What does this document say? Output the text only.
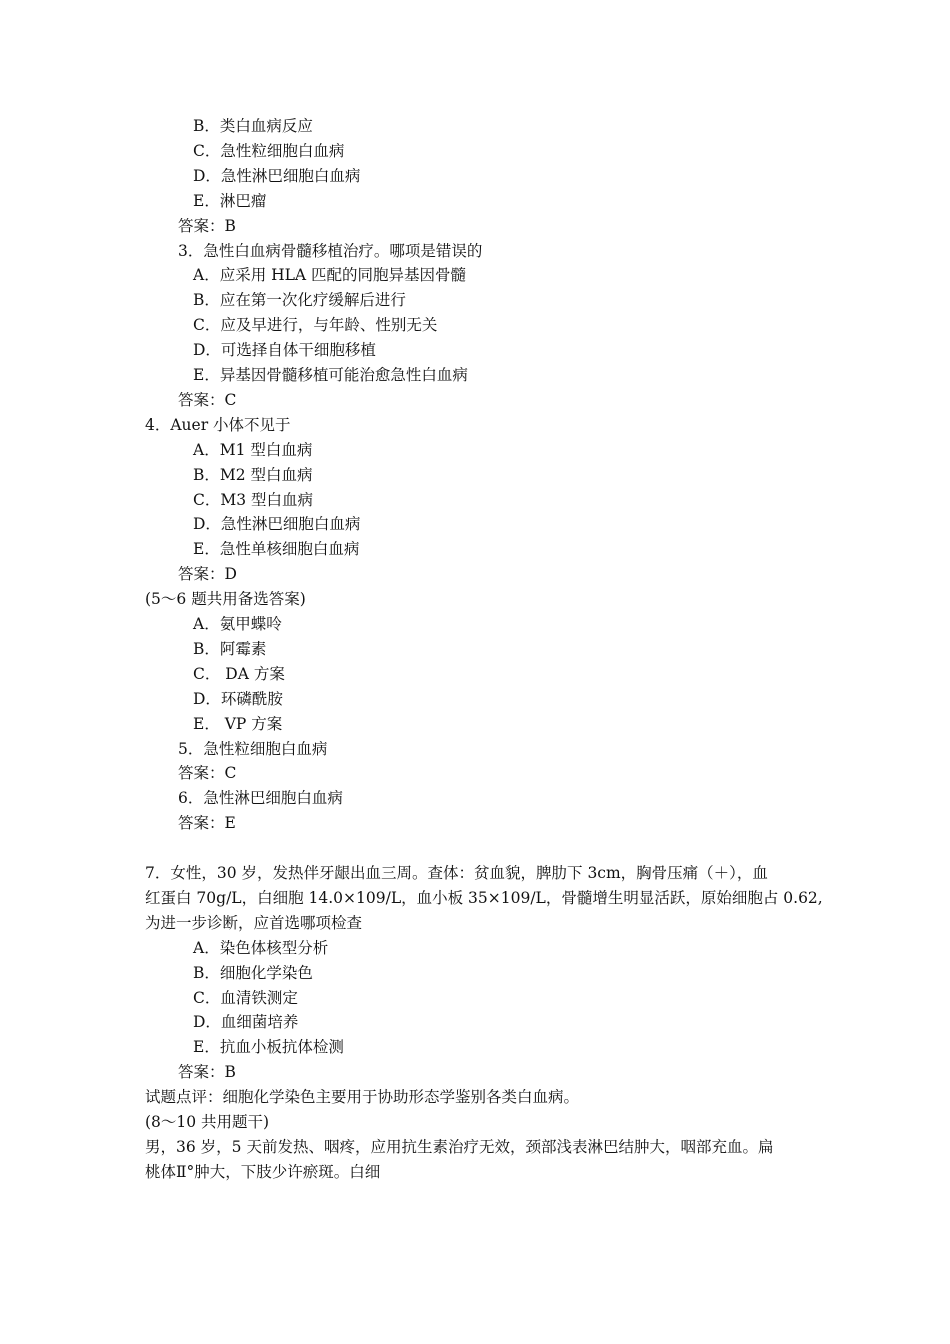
B．类白血病反应
C．急性粒细胞白血病
D．急性淋巴细胞白血病
E．淋巴瘤
答案：B
3．急性白血病骨髓移植治疗。哪项是错误的
A．应采用 HLA 匹配的同胞异基因骨髓
B．应在第一次化疗缓解后进行
C．应及早进行，与年龄、性别无关
D．可选择自体干细胞移植
E．异基因骨髓移植可能治愈急性白血病
答案：C
4．Auer 小体不见于
A．M1 型白血病
B．M2 型白血病
C．M3 型白血病
D．急性淋巴细胞白血病
E．急性单核细胞白血病
答案：D
(5～6 题共用备选答案)
A．氨甲蝶呤
B．阿霉素
C． DA 方案
D．环磷酰胺
E． VP 方案
5．急性粒细胞白血病
答案：C
6．急性淋巴细胞白血病
答案：E
7．女性，30 岁，发热伴牙龈出血三周。查体：贫血貌，脾肋下 3cm，胸骨压痛（＋），血
红蛋白 70g/L，白细胞 14.0×109/L，血小板 35×109/L，骨髓增生明显活跃，原始细胞占 0.62,
为进一步诊断，应首选哪项检查
A．染色体核型分析
B．细胞化学染色
C．血清铁测定
D．血细菌培养
E．抗血小板抗体检测
答案：B
试题点评：细胞化学染色主要用于协助形态学鉴别各类白血病。
(8～10 共用题干)
男，36 岁，5 天前发热、咽疼，应用抗生素治疗无效，颈部浅表淋巴结肿大，咽部充血。扁
桃体Ⅱ°肿大，下肢少许瘀斑。白细
